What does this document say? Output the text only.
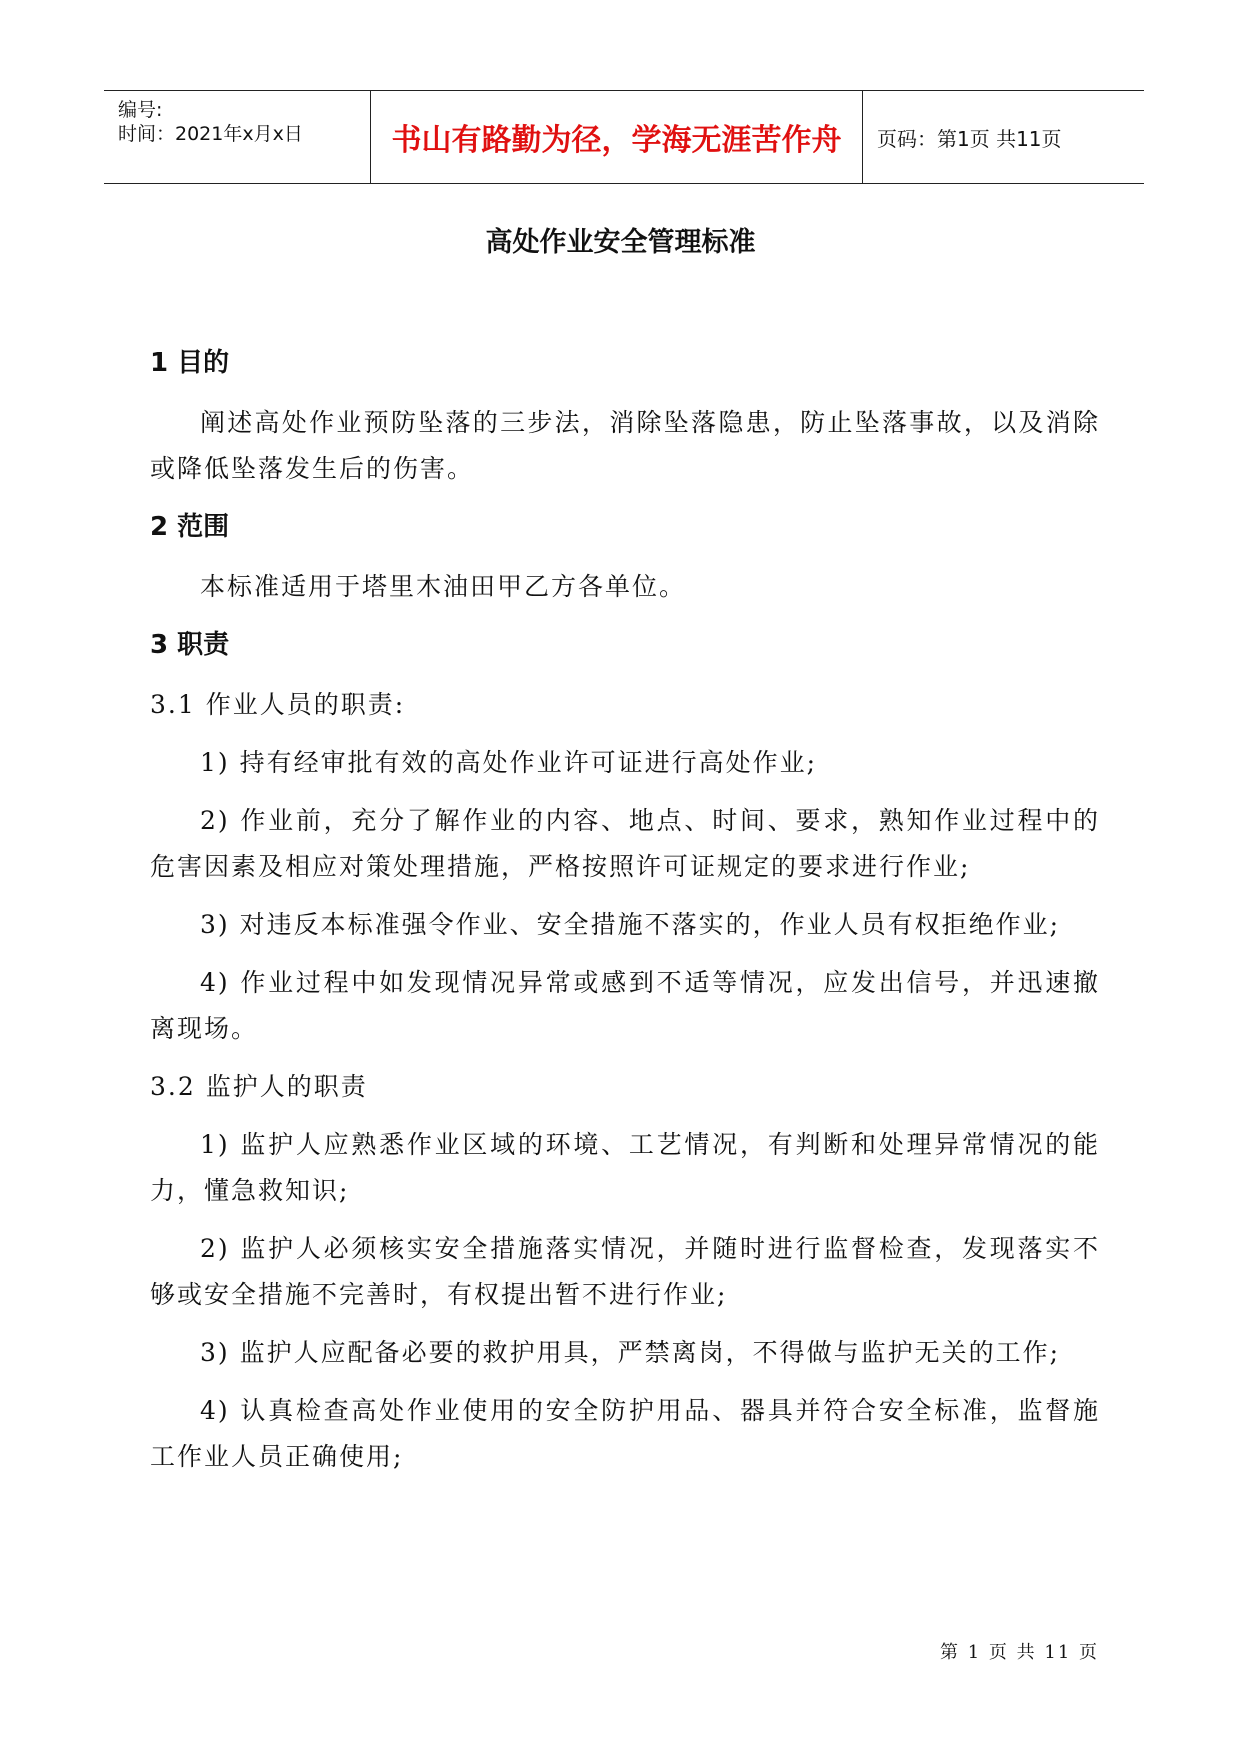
编号:
时间：2021年x月x日	书山有路勤为径，学海无涯苦作舟	页码：第1页 共11页
高处作业安全管理标准
1 目的
阐述高处作业预防坠落的三步法，消除坠落隐患，防止坠落事故，以及消除或降低坠落发生后的伤害。
2 范围
本标准适用于塔里木油田甲乙方各单位。
3 职责
3.1 作业人员的职责:
1) 持有经审批有效的高处作业许可证进行高处作业;
2) 作业前，充分了解作业的内容、地点、时间、要求，熟知作业过程中的危害因素及相应对策处理措施，严格按照许可证规定的要求进行作业;
3) 对违反本标准强令作业、安全措施不落实的，作业人员有权拒绝作业;
4) 作业过程中如发现情况异常或感到不适等情况，应发出信号，并迅速撤离现场。
3.2 监护人的职责
1) 监护人应熟悉作业区域的环境、工艺情况，有判断和处理异常情况的能力，懂急救知识;
2) 监护人必须核实安全措施落实情况，并随时进行监督检查，发现落实不够或安全措施不完善时，有权提出暂不进行作业;
3) 监护人应配备必要的救护用具，严禁离岗，不得做与监护无关的工作;
4) 认真检查高处作业使用的安全防护用品、器具并符合安全标准，监督施工作业人员正确使用;
第 1 页 共 11 页
